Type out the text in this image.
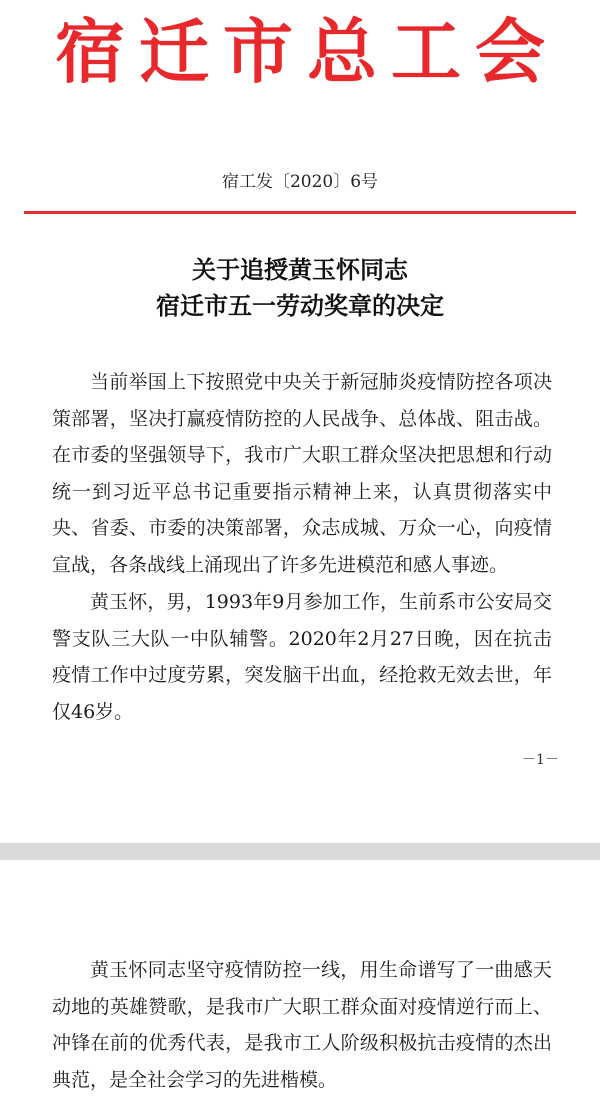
宿迁市总工会
宿工发〔2020〕6号
关于追授黄玉怀同志
宿迁市五一劳动奖章的决定

当前举国上下按照党中央关于新冠肺炎疫情防控各项决策部署，坚决打赢疫情防控的人民战争、总体战、阻击战。在市委的坚强领导下，我市广大职工群众坚决把思想和行动统一到习近平总书记重要指示精神上来，认真贯彻落实中央、省委、市委的决策部署，众志成城、万众一心，向疫情宣战，各条战线上涌现出了许多先进模范和感人事迹。

黄玉怀，男，1993年9月参加工作，生前系市公安局交警支队三大队一中队辅警。2020年2月27日晚，因在抗击疫情工作中过度劳累，突发脑干出血，经抢救无效去世，年仅46岁。

－1－

黄玉怀同志坚守疫情防控一线，用生命谱写了一曲感天动地的英雄赞歌，是我市广大职工群众面对疫情逆行而上、冲锋在前的优秀代表，是我市工人阶级积极抗击疫情的杰出典范，是全社会学习的先进楷模。
